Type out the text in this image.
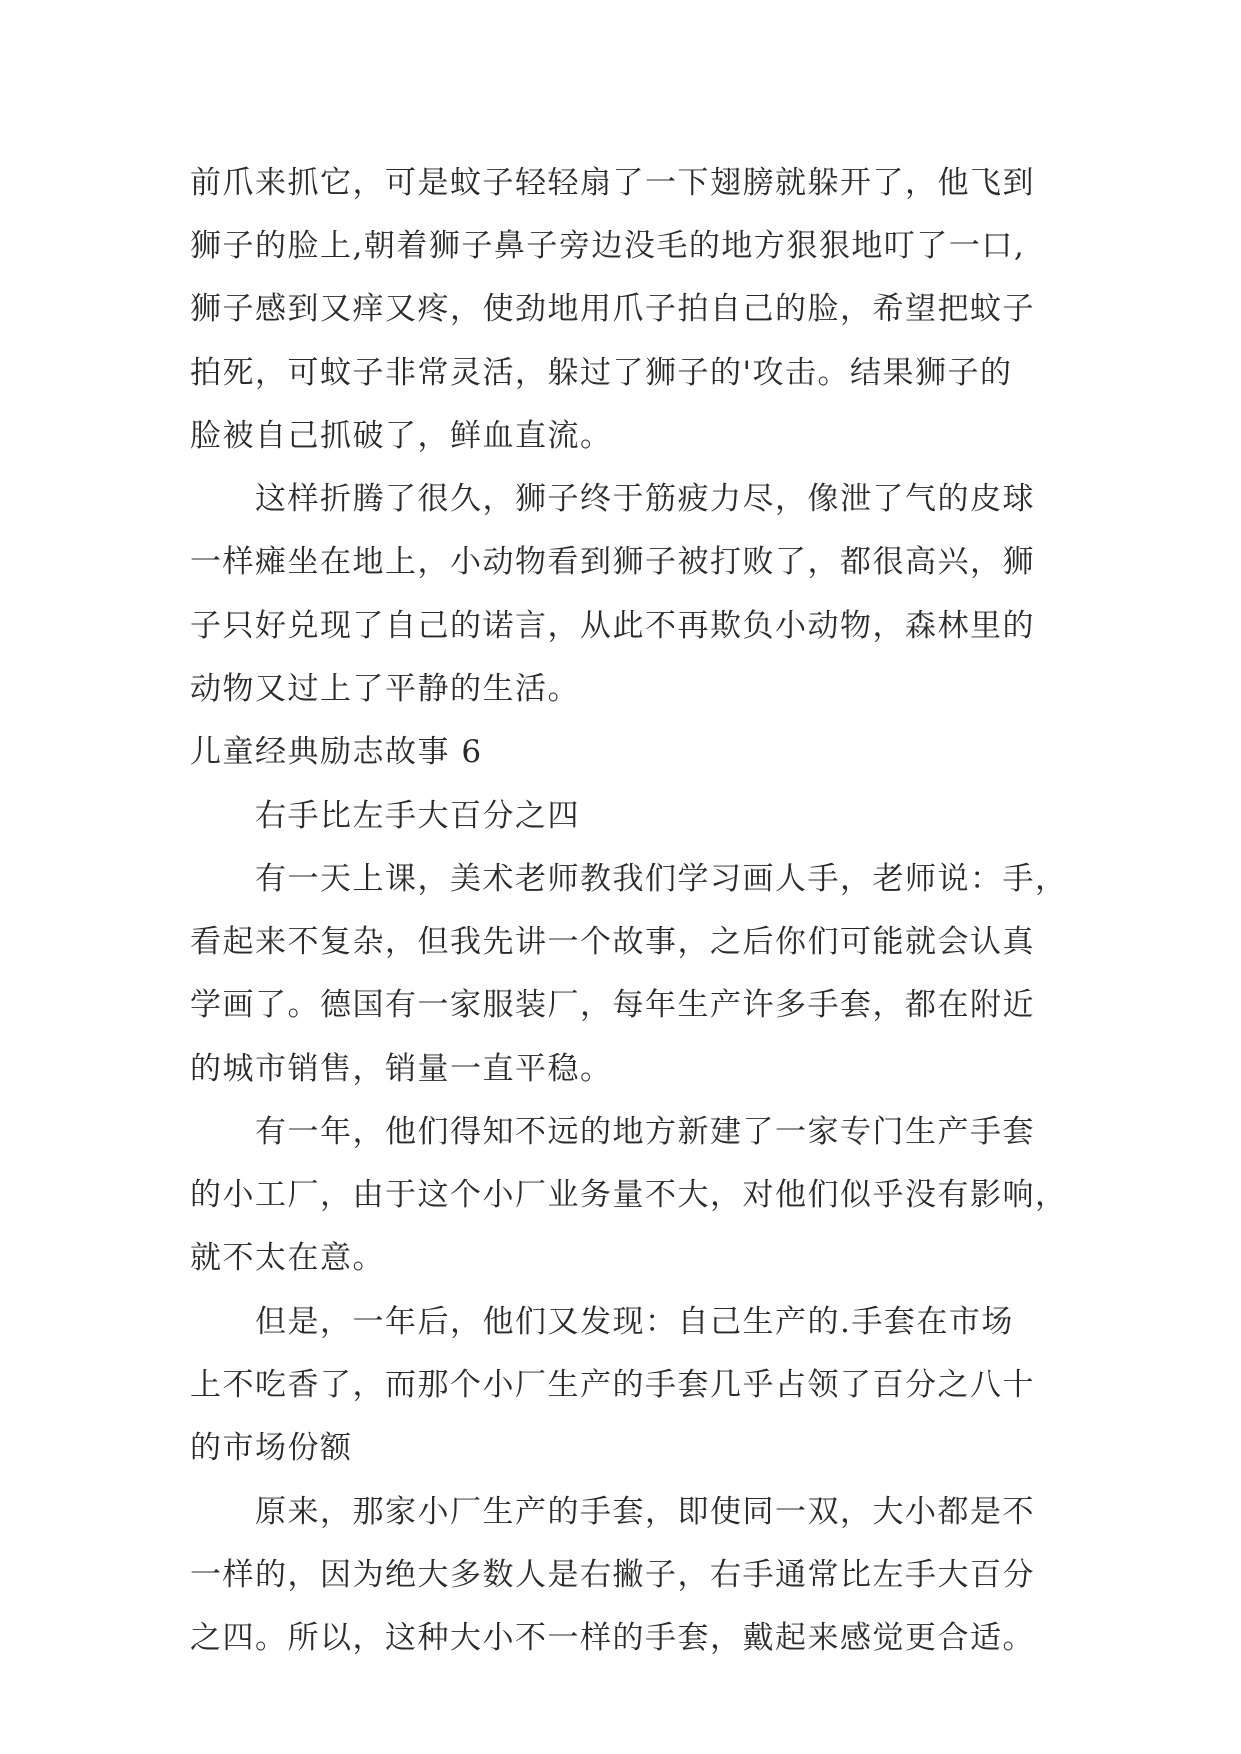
前爪来抓它，可是蚊子轻轻扇了一下翅膀就躲开了，他飞到
狮子的脸上,朝着狮子鼻子旁边没毛的地方狠狠地叮了一口,
狮子感到又痒又疼，使劲地用爪子拍自己的脸，希望把蚊子
拍死，可蚊子非常灵活，躲过了狮子的'攻击。结果狮子的
脸被自己抓破了，鲜血直流。
这样折腾了很久，狮子终于筋疲力尽，像泄了气的皮球
一样瘫坐在地上，小动物看到狮子被打败了，都很高兴，狮
子只好兑现了自己的诺言，从此不再欺负小动物，森林里的
动物又过上了平静的生活。
儿童经典励志故事 6
右手比左手大百分之四
有一天上课，美术老师教我们学习画人手，老师说：手，
看起来不复杂，但我先讲一个故事，之后你们可能就会认真
学画了。德国有一家服装厂，每年生产许多手套，都在附近
的城市销售，销量一直平稳。
有一年，他们得知不远的地方新建了一家专门生产手套
的小工厂，由于这个小厂业务量不大，对他们似乎没有影响，
就不太在意。
但是，一年后，他们又发现：自己生产的.手套在市场
上不吃香了，而那个小厂生产的手套几乎占领了百分之八十
的市场份额
原来，那家小厂生产的手套，即使同一双，大小都是不
一样的，因为绝大多数人是右撇子，右手通常比左手大百分
之四。所以，这种大小不一样的手套，戴起来感觉更合适。
